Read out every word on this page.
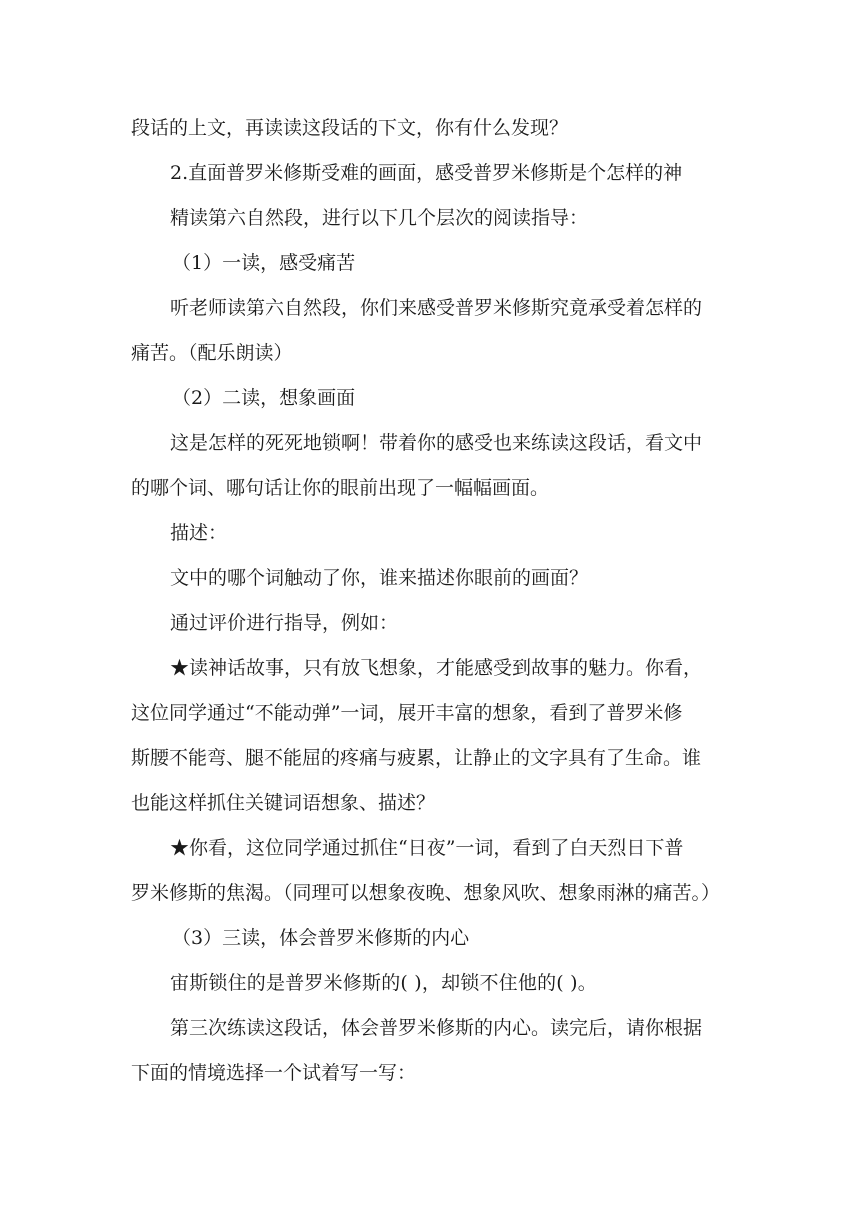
段话的上文，再读读这段话的下文，你有什么发现？
2.直面普罗米修斯受难的画面，感受普罗米修斯是个怎样的神
精读第六自然段，进行以下几个层次的阅读指导：
（1）一读，感受痛苦
听老师读第六自然段，你们来感受普罗米修斯究竟承受着怎样的
痛苦。（配乐朗读）
（2）二读，想象画面
这是怎样的死死地锁啊！带着你的感受也来练读这段话，看文中
的哪个词、哪句话让你的眼前出现了一幅幅画面。
描述：
文中的哪个词触动了你，谁来描述你眼前的画面？
通过评价进行指导，例如：
★读神话故事，只有放飞想象，才能感受到故事的魅力。你看，
这位同学通过“不能动弹”一词，展开丰富的想象，看到了普罗米修
斯腰不能弯、腿不能屈的疼痛与疲累，让静止的文字具有了生命。谁
也能这样抓住关键词语想象、描述？
★你看，这位同学通过抓住“日夜”一词，看到了白天烈日下普
罗米修斯的焦渴。（同理可以想象夜晚、想象风吹、想象雨淋的痛苦。）
（3）三读，体会普罗米修斯的内心
宙斯锁住的是普罗米修斯的( )，却锁不住他的( )。
第三次练读这段话，体会普罗米修斯的内心。读完后，请你根据
下面的情境选择一个试着写一写：
